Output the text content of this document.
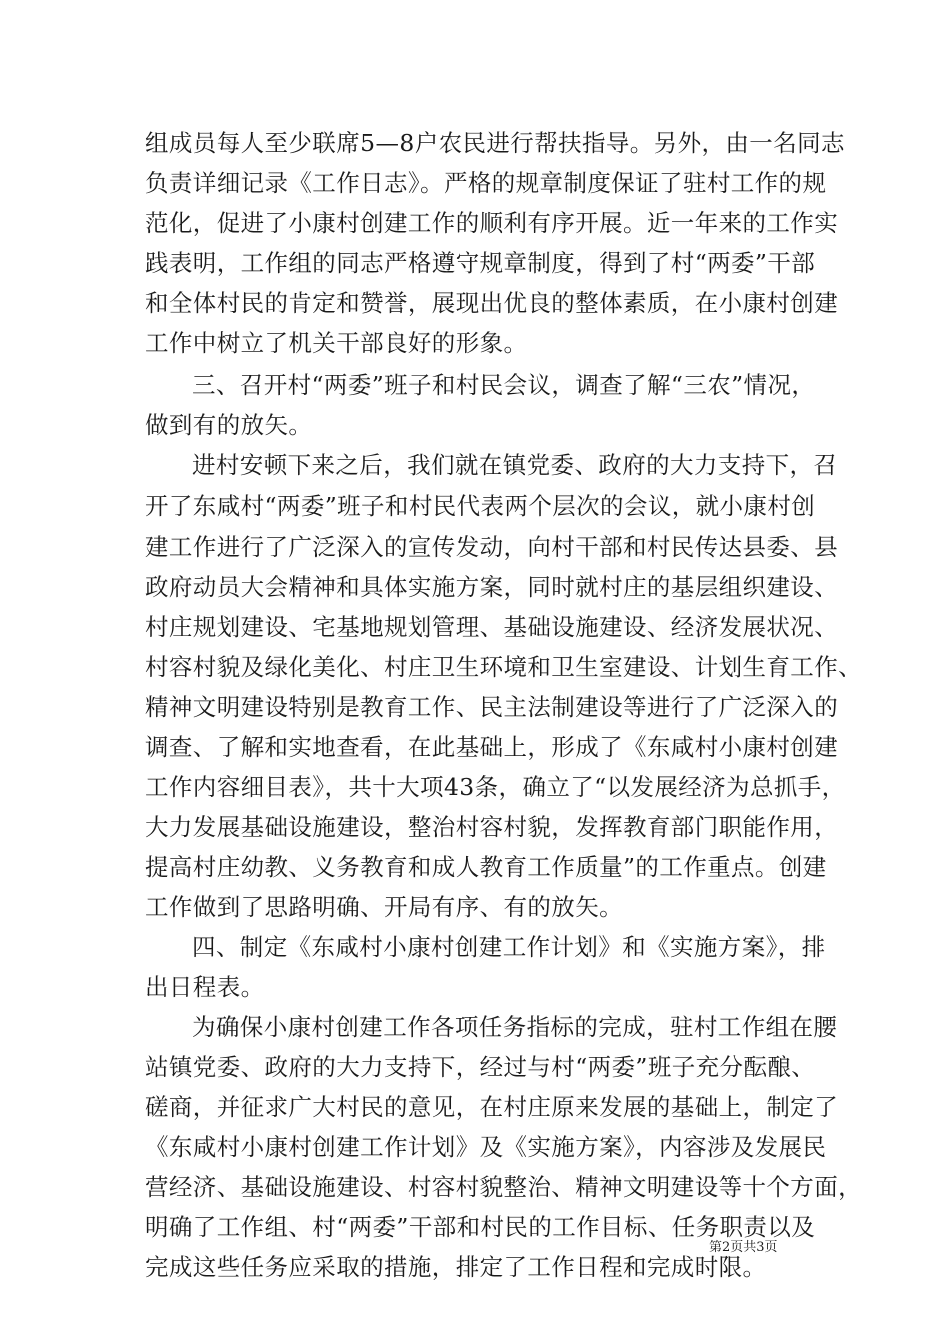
组成员每人至少联席5—8户农民进行帮扶指导。另外，由一名同志
负责详细记录《工作日志》。严格的规章制度保证了驻村工作的规
范化，促进了小康村创建工作的顺利有序开展。近一年来的工作实
践表明，工作组的同志严格遵守规章制度，得到了村“两委”干部
和全体村民的肯定和赞誉，展现出优良的整体素质，在小康村创建
工作中树立了机关干部良好的形象。
三、召开村“两委”班子和村民会议，调查了解“三农”情况，
做到有的放矢。
进村安顿下来之后，我们就在镇党委、政府的大力支持下，召
开了东咸村“两委”班子和村民代表两个层次的会议，就小康村创
建工作进行了广泛深入的宣传发动，向村干部和村民传达县委、县
政府动员大会精神和具体实施方案，同时就村庄的基层组织建设、
村庄规划建设、宅基地规划管理、基础设施建设、经济发展状况、
村容村貌及绿化美化、村庄卫生环境和卫生室建设、计划生育工作、
精神文明建设特别是教育工作、民主法制建设等进行了广泛深入的
调查、了解和实地查看，在此基础上，形成了《东咸村小康村创建
工作内容细目表》，共十大项43条，确立了“以发展经济为总抓手，
大力发展基础设施建设，整治村容村貌，发挥教育部门职能作用，
提高村庄幼教、义务教育和成人教育工作质量”的工作重点。创建
工作做到了思路明确、开局有序、有的放矢。
四、制定《东咸村小康村创建工作计划》和《实施方案》，排
出日程表。
为确保小康村创建工作各项任务指标的完成，驻村工作组在腰
站镇党委、政府的大力支持下，经过与村“两委”班子充分酝酿、
磋商，并征求广大村民的意见，在村庄原来发展的基础上，制定了
《东咸村小康村创建工作计划》及《实施方案》，内容涉及发展民
营经济、基础设施建设、村容村貌整治、精神文明建设等十个方面，
明确了工作组、村“两委”干部和村民的工作目标、任务职责以及
完成这些任务应采取的措施，排定了工作日程和完成时限。
第2页共3页
